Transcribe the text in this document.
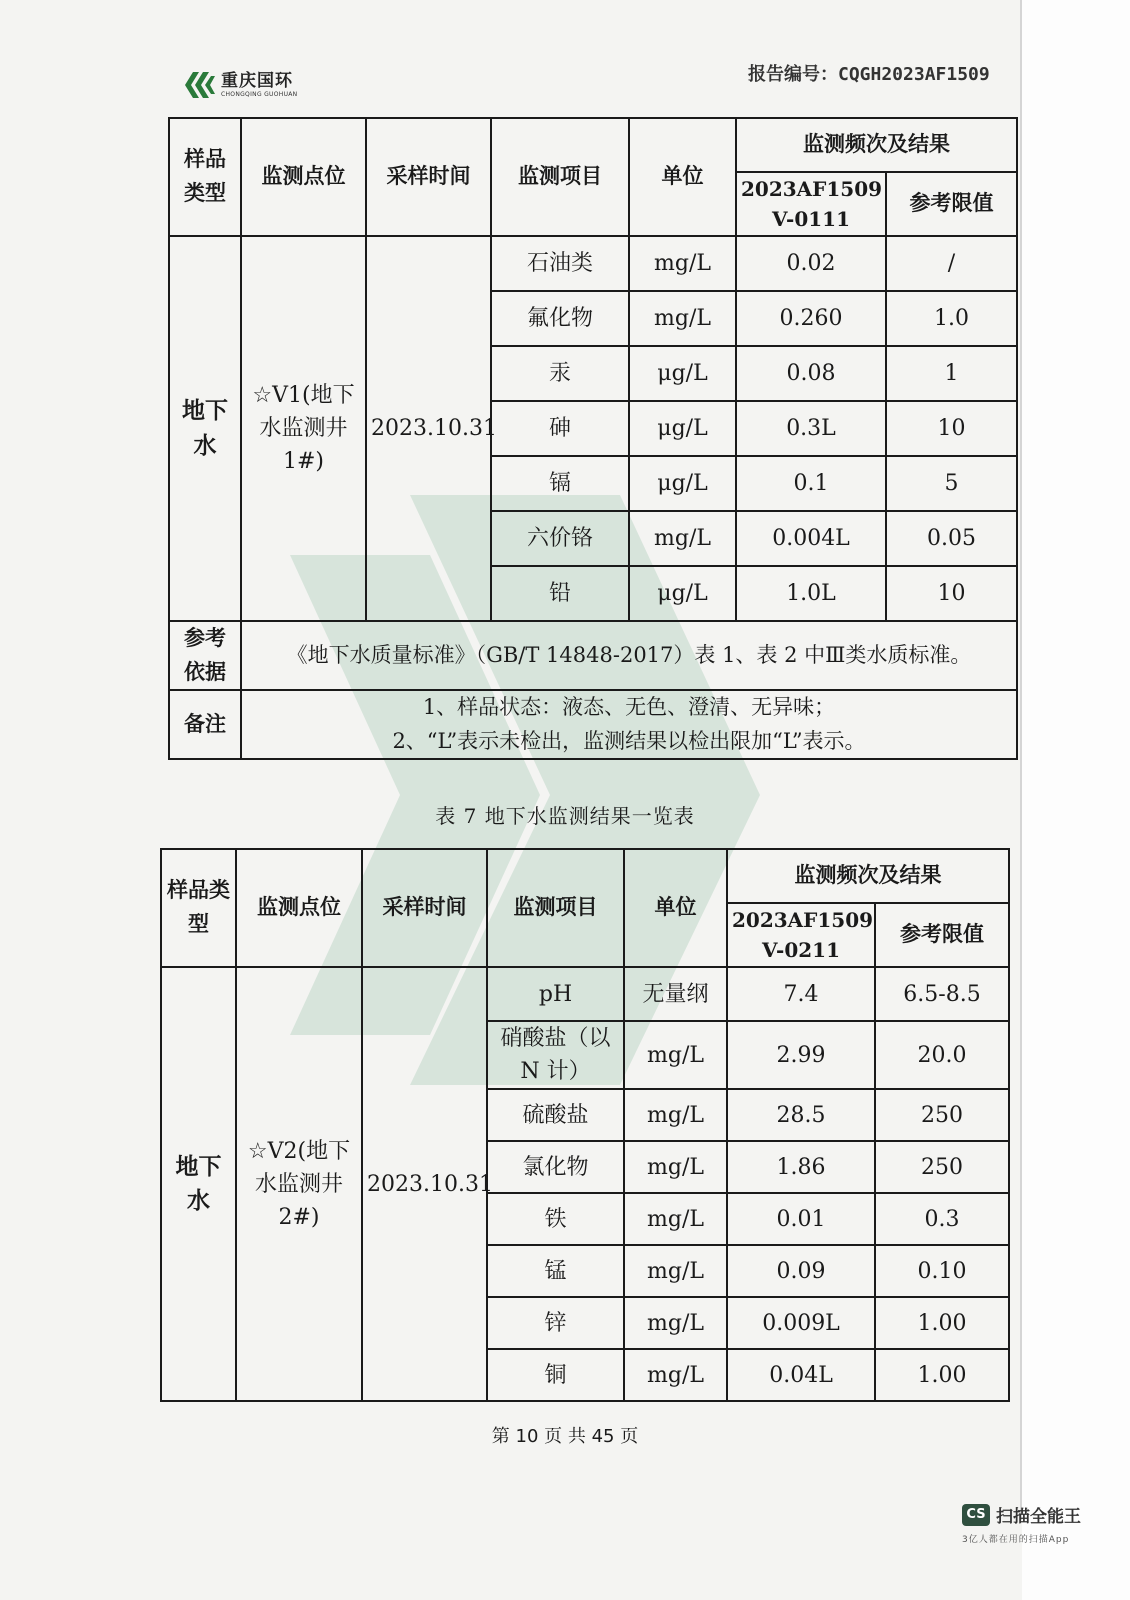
重庆国环
CHONGQING GUOHUAN
报告编号：CQGH2023AF1509
样品类型	监测点位	采样时间	监测项目	单位	监测频次及结果	
					2023AF1509 V-0111	参考限值
地下水	☆V1(地下水监测井1#)	2023.10.31	石油类	mg/L	0.02	/
			氟化物	mg/L	0.260	1.0
			汞	μg/L	0.08	1
			砷	μg/L	0.3L	10
			镉	μg/L	0.1	5
			六价铬	mg/L	0.004L	0.05
			铅	μg/L	1.0L	10
参考依据	《地下水质量标准》（GB/T 14848-2017）表 1、表 2 中Ⅲ类水质标准。					
备注	1、样品状态：液态、无色、澄清、无异味；
2、“L”表示未检出，监测结果以检出限加“L”表示。					
表 7 地下水监测结果一览表
样品类型	监测点位	采样时间	监测项目	单位	监测频次及结果	
					2023AF1509 V-0211	参考限值
地下水	☆V2(地下水监测井2#)	2023.10.31	pH	无量纲	7.4	6.5-8.5
			硝酸盐（以 N 计）	mg/L	2.99	20.0
			硫酸盐	mg/L	28.5	250
			氯化物	mg/L	1.86	250
			铁	mg/L	0.01	0.3
			锰	mg/L	0.09	0.10
			锌	mg/L	0.009L	1.00
			铜	mg/L	0.04L	1.00
第 10 页 共 45 页
CS 扫描全能王
3亿人都在用的扫描App
